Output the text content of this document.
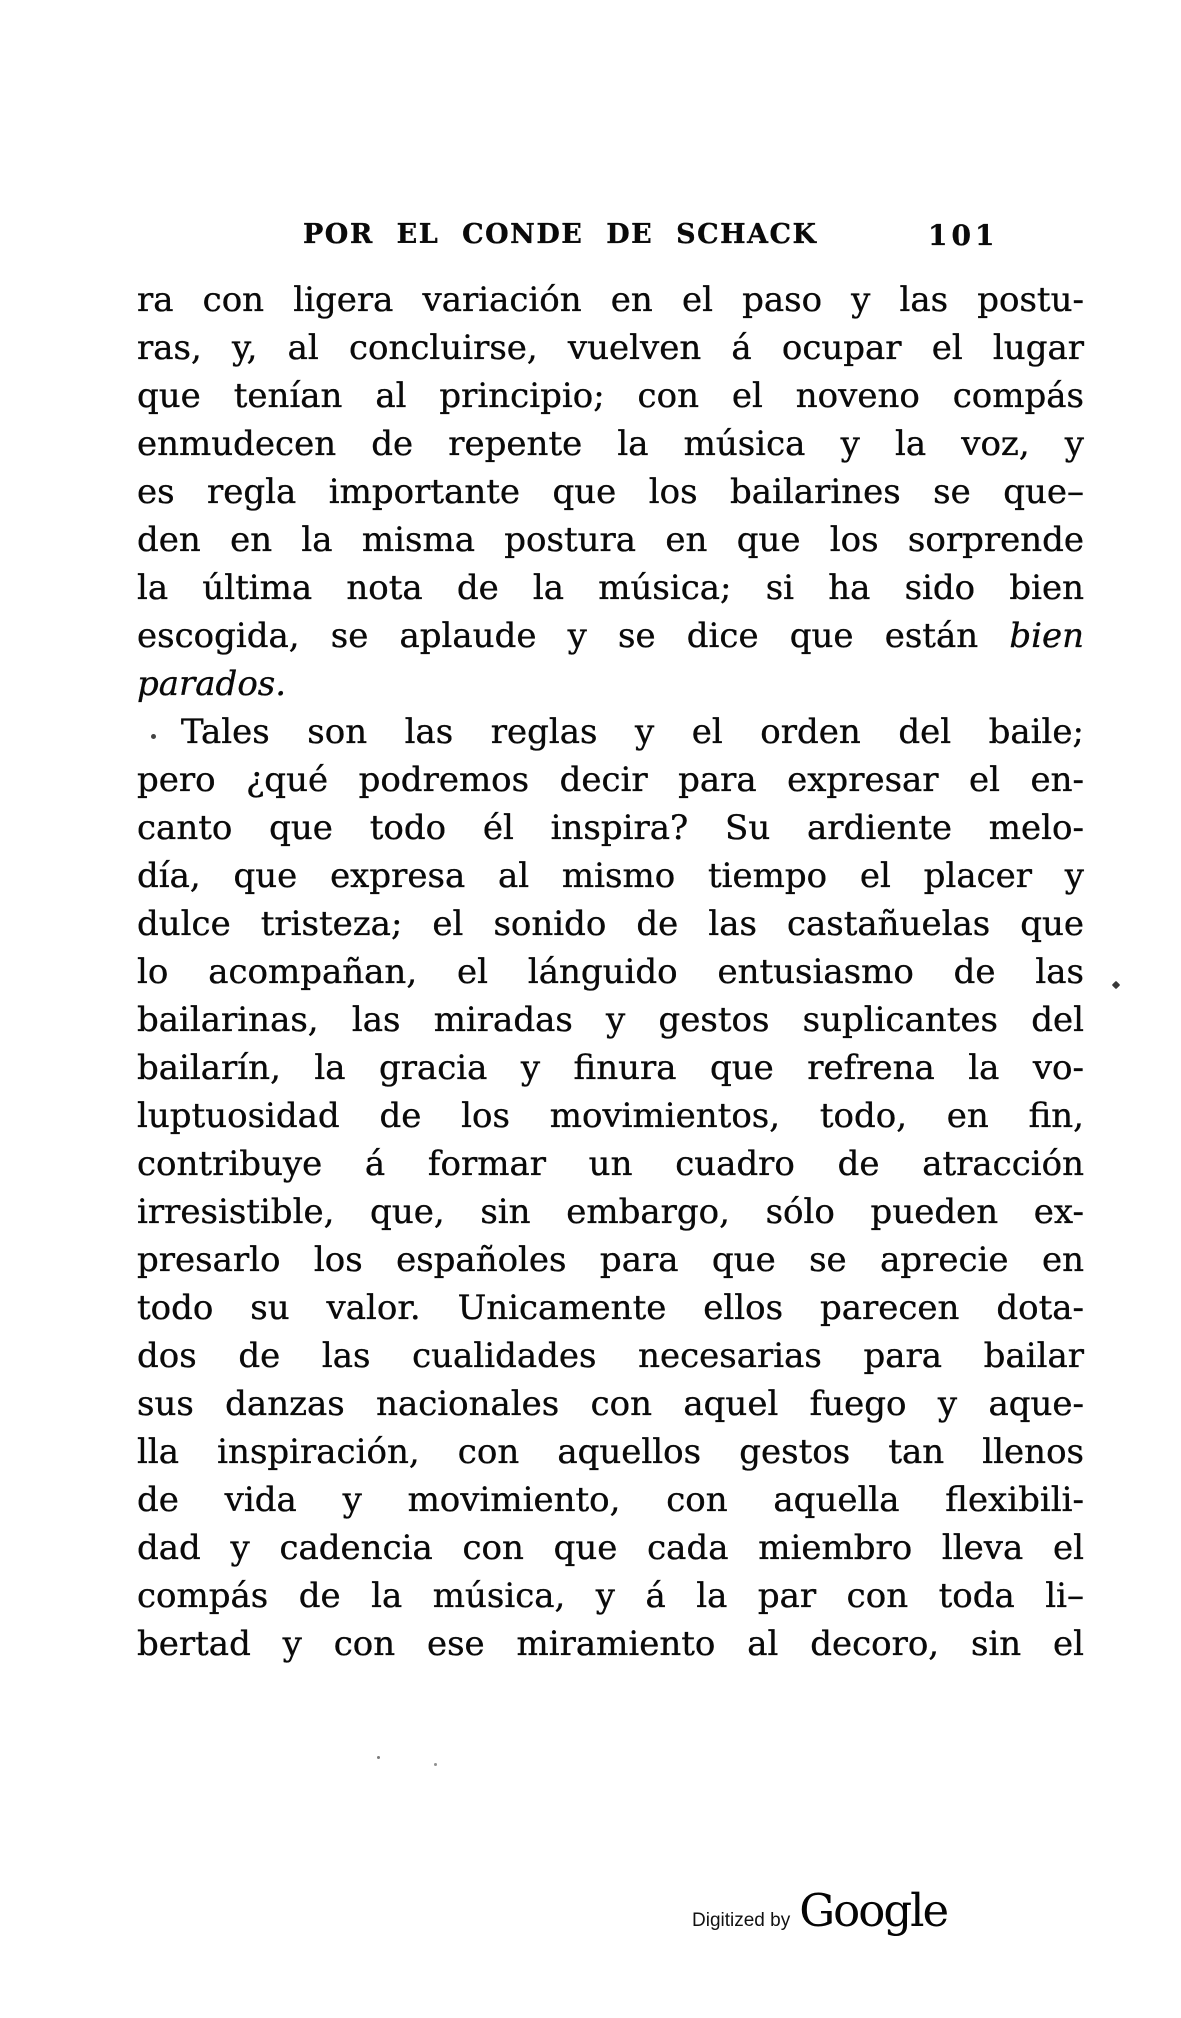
POR EL CONDE DE SCHACK	101
ra con ligera variación en el paso y las postu-
ras, y, al concluirse, vuelven á ocupar el lugar
que tenían al principio; con el noveno compás
enmudecen de repente la música y la voz, y
es regla importante que los bailarines se que–
den en la misma postura en que los sorprende
la última nota de la música; si ha sido bien
escogida, se aplaude y se dice que están bien
parados.
Tales son las reglas y el orden del baile;
pero ¿qué podremos decir para expresar el en-
canto que todo él inspira? Su ardiente melo-
día, que expresa al mismo tiempo el placer y
dulce tristeza; el sonido de las castañuelas que
lo acompañan, el lánguido entusiasmo de las
bailarinas, las miradas y gestos suplicantes del
bailarín, la gracia y finura que refrena la vo-
luptuosidad de los movimientos, todo, en fin,
contribuye á formar un cuadro de atracción
irresistible, que, sin embargo, sólo pueden ex-
presarlo los españoles para que se aprecie en
todo su valor. Unicamente ellos parecen dota-
dos de las cualidades necesarias para bailar
sus danzas nacionales con aquel fuego y aque-
lla inspiración, con aquellos gestos tan llenos
de vida y movimiento, con aquella flexibili-
dad y cadencia con que cada miembro lleva el
compás de la música, y á la par con toda li–
bertad y con ese miramiento al decoro, sin el
Digitized by Google
